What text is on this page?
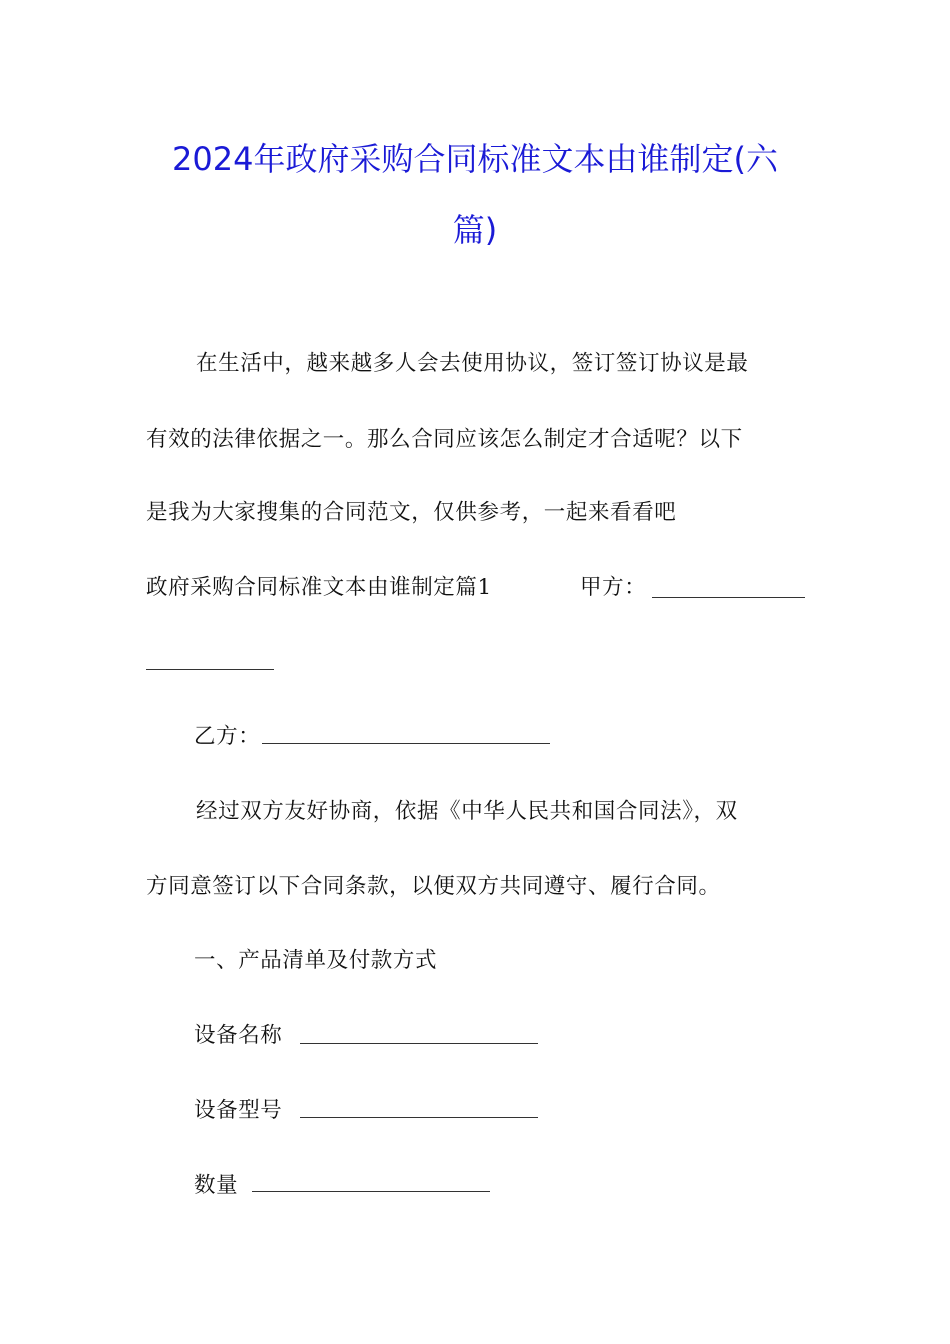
2024年政府采购合同标准文本由谁制定(六
篇)
在生活中，越来越多人会去使用协议，签订签订协议是最
有效的法律依据之一。那么合同应该怎么制定才合适呢？以下
是我为大家搜集的合同范文，仅供参考，一起来看看吧
政府采购合同标准文本由谁制定篇1	甲方：
乙方：
经过双方友好协商，依据《中华人民共和国合同法》，双
方同意签订以下合同条款，以便双方共同遵守、履行合同。
一、产品清单及付款方式
设备名称
设备型号
数量
